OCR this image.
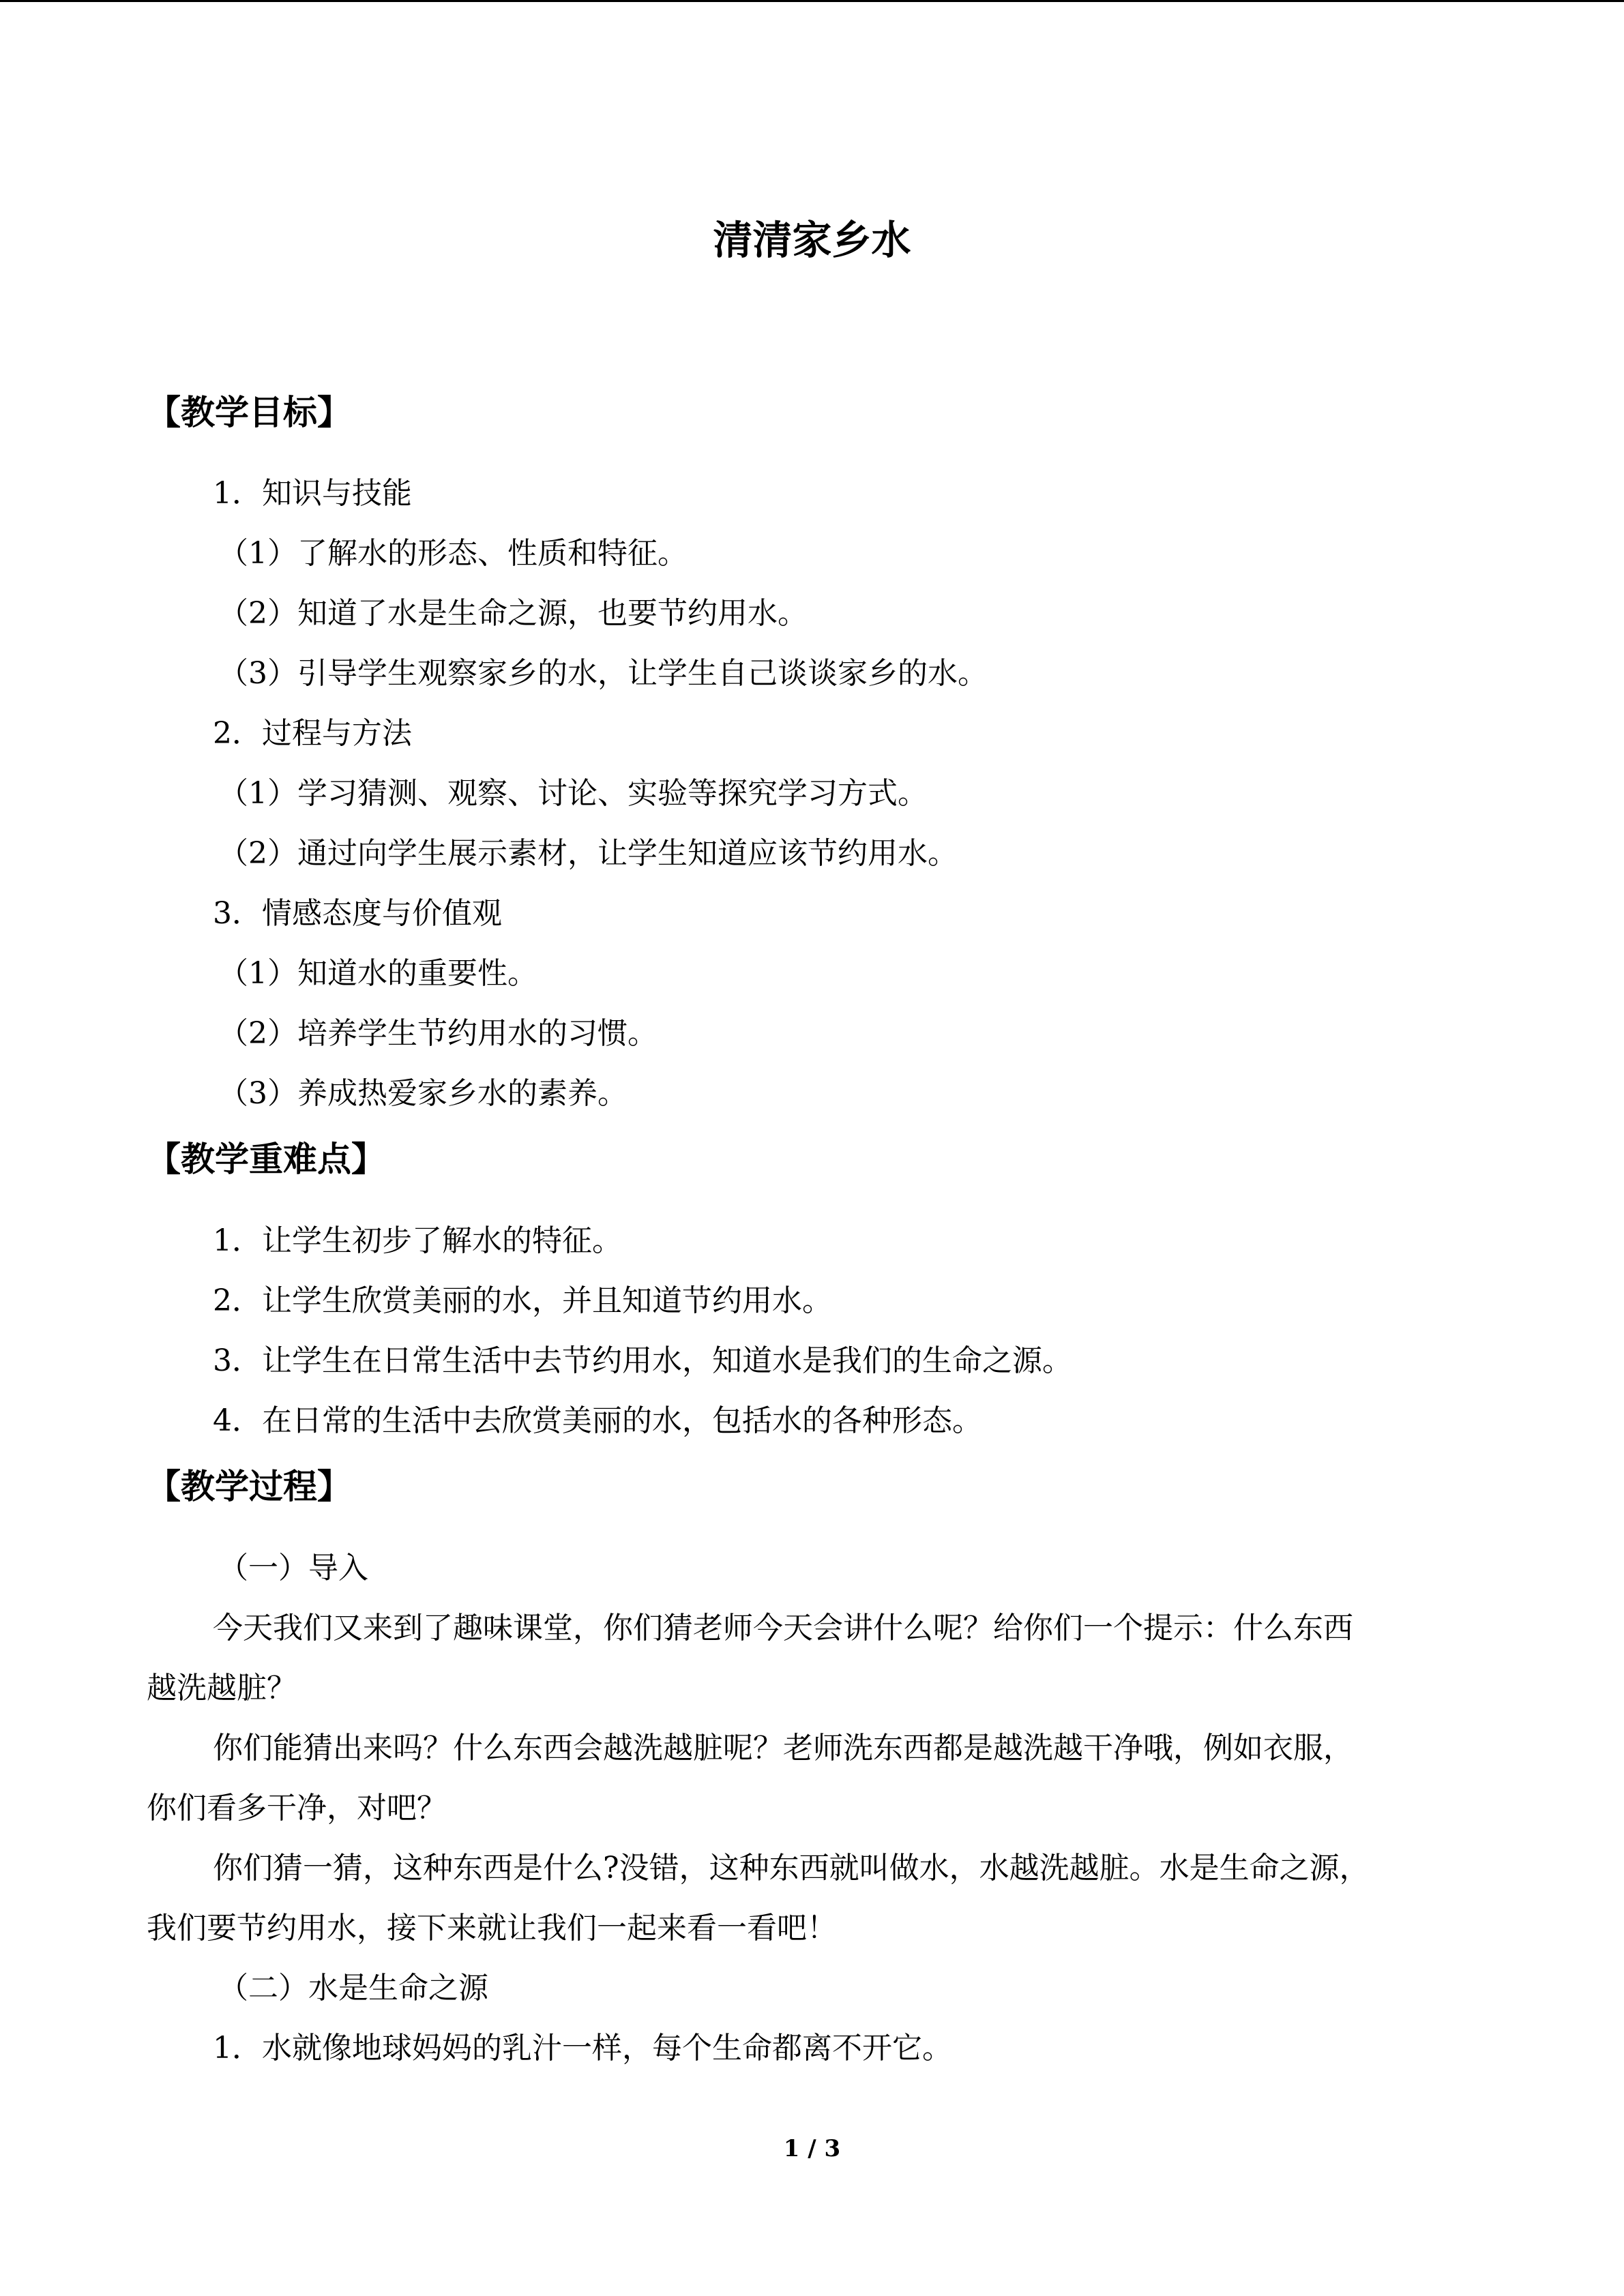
清清家乡水
【教学目标】
1．知识与技能
（1）了解水的形态、性质和特征。
（2）知道了水是生命之源，也要节约用水。
（3）引导学生观察家乡的水，让学生自己谈谈家乡的水。
2．过程与方法
（1）学习猜测、观察、讨论、实验等探究学习方式。
（2）通过向学生展示素材，让学生知道应该节约用水。
3．情感态度与价值观
（1）知道水的重要性。
（2）培养学生节约用水的习惯。
（3）养成热爱家乡水的素养。
【教学重难点】
1．让学生初步了解水的特征。
2．让学生欣赏美丽的水，并且知道节约用水。
3．让学生在日常生活中去节约用水，知道水是我们的生命之源。
4．在日常的生活中去欣赏美丽的水，包括水的各种形态。
【教学过程】
（一）导入
今天我们又来到了趣味课堂，你们猜老师今天会讲什么呢？给你们一个提示：什么东西
越洗越脏？
你们能猜出来吗？什么东西会越洗越脏呢？老师洗东西都是越洗越干净哦，例如衣服，
你们看多干净，对吧？
你们猜一猜，这种东西是什么?没错，这种东西就叫做水，水越洗越脏。水是生命之源，
我们要节约用水，接下来就让我们一起来看一看吧！
（二）水是生命之源
1．水就像地球妈妈的乳汁一样，每个生命都离不开它。
1 / 3
